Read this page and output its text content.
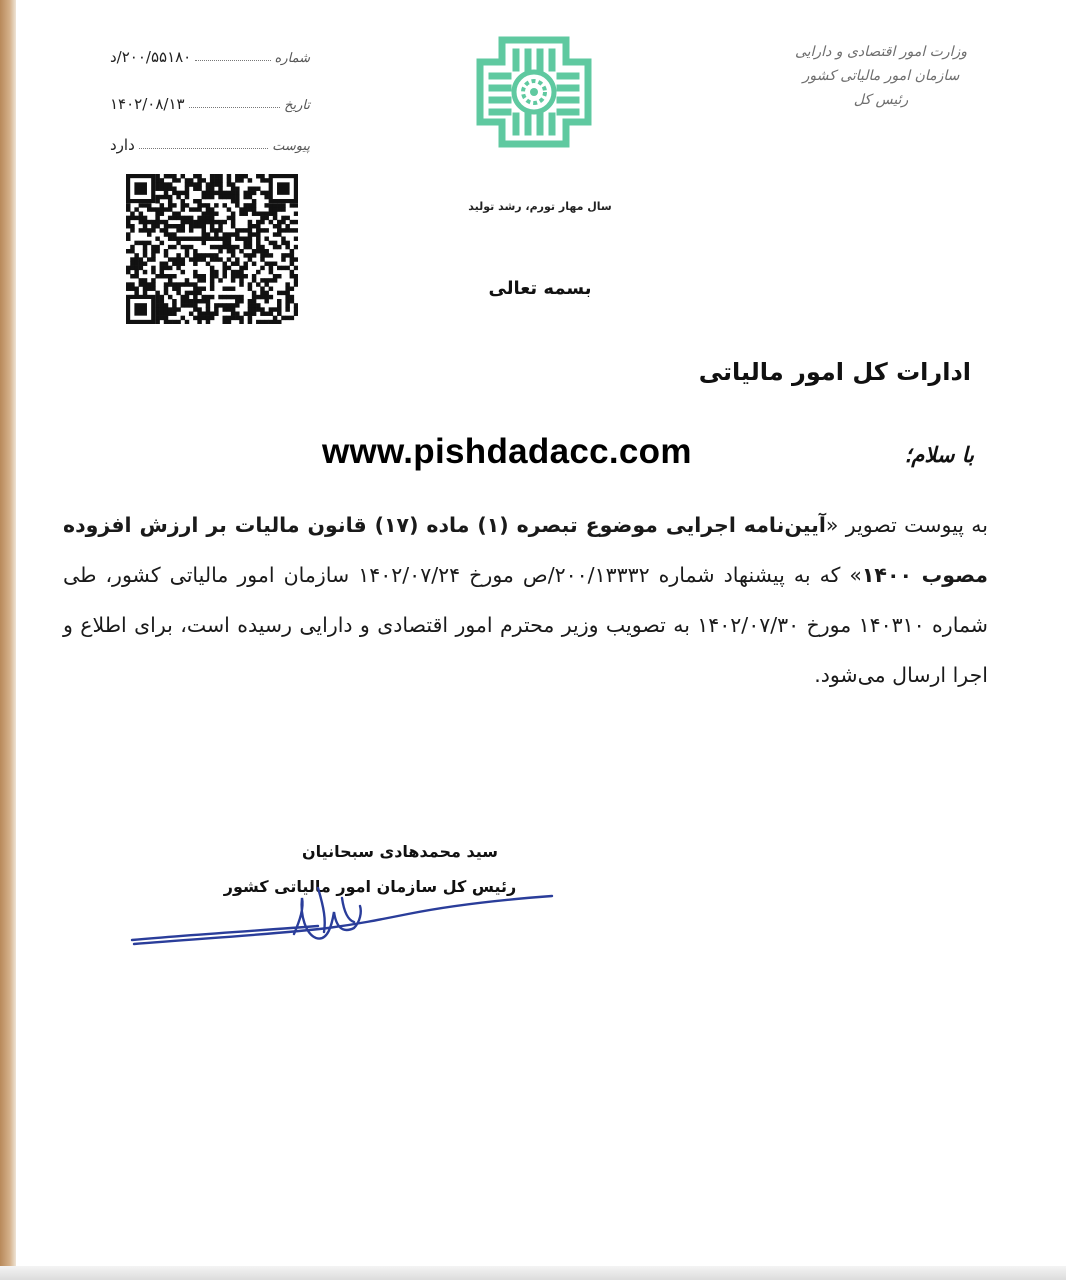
وزارت امور اقتصادی و دارایی
سازمان امور مالیاتی کشور
رئیس کل
سال مهار تورم، رشد تولید
بسمه تعالی
شماره
۲۰۰/۵۵۱۸۰/د
تاریخ
۱۴۰۲/۰۸/۱۳
پیوست
دارد
ادارات کل امور مالیاتی
www.pishdadacc.com	با سلام؛
به پیوست تصویر «آیین‌نامه اجرایی موضوع تبصره (۱) ماده (۱۷) قانون مالیات بر ارزش افزوده مصوب ۱۴۰۰» که به پیشنهاد شماره ۲۰۰/۱۳۳۳۲/ص مورخ ۱۴۰۲/۰۷/۲۴ سازمان امور مالیاتی کشور، طی شماره ۱۴۰۳۱۰ مورخ ۱۴۰۲/۰۷/۳۰ به تصویب وزیر محترم امور اقتصادی و دارایی رسیده است، برای اطلاع و اجرا ارسال می‌شود.
سید محمدهادی سبحانیان
رئیس کل سازمان امور مالیاتی کشور
